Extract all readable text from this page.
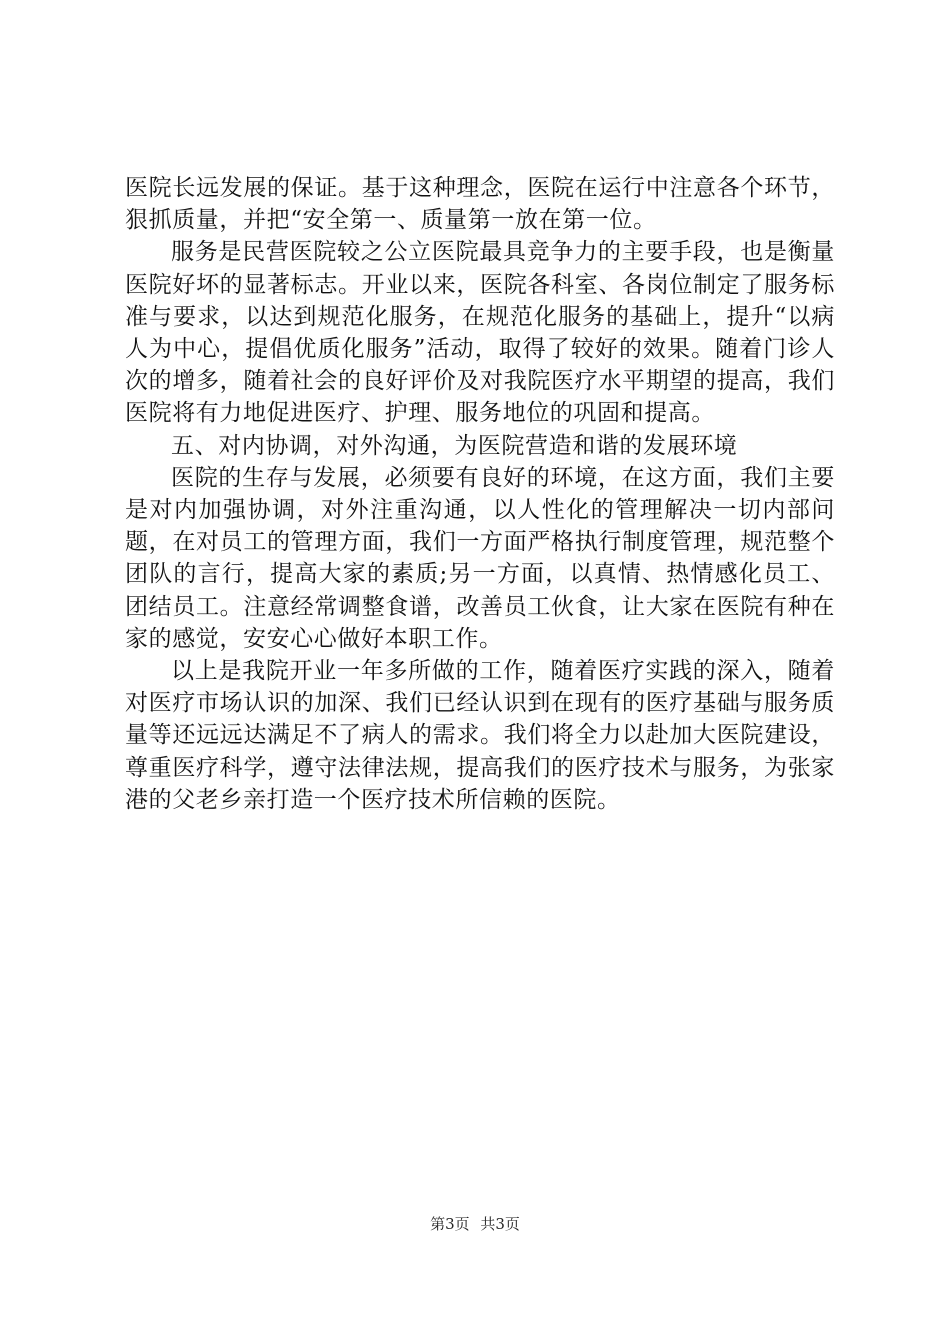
医院长远发展的保证。基于这种理念，医院在运行中注意各个环节，狠抓质量，并把“安全第一、质量第一放在第一位。

服务是民营医院较之公立医院最具竞争力的主要手段，也是衡量医院好坏的显著标志。开业以来，医院各科室、各岗位制定了服务标准与要求，以达到规范化服务，在规范化服务的基础上，提升“以病人为中心，提倡优质化服务”活动，取得了较好的效果。随着门诊人次的增多，随着社会的良好评价及对我院医疗水平期望的提高，我们医院将有力地促进医疗、护理、服务地位的巩固和提高。

五、对内协调，对外沟通，为医院营造和谐的发展环境

医院的生存与发展，必须要有良好的环境，在这方面，我们主要是对内加强协调，对外注重沟通，以人性化的管理解决一切内部问题，在对员工的管理方面，我们一方面严格执行制度管理，规范整个团队的言行，提高大家的素质;另一方面，以真情、热情感化员工、团结员工。注意经常调整食谱，改善员工伙食，让大家在医院有种在家的感觉，安安心心做好本职工作。

以上是我院开业一年多所做的工作，随着医疗实践的深入，随着对医疗市场认识的加深、我们已经认识到在现有的医疗基础与服务质量等还远远达满足不了病人的需求。我们将全力以赴加大医院建设，尊重医疗科学，遵守法律法规，提高我们的医疗技术与服务，为张家港的父老乡亲打造一个医疗技术所信赖的医院。

第3页 共3页
